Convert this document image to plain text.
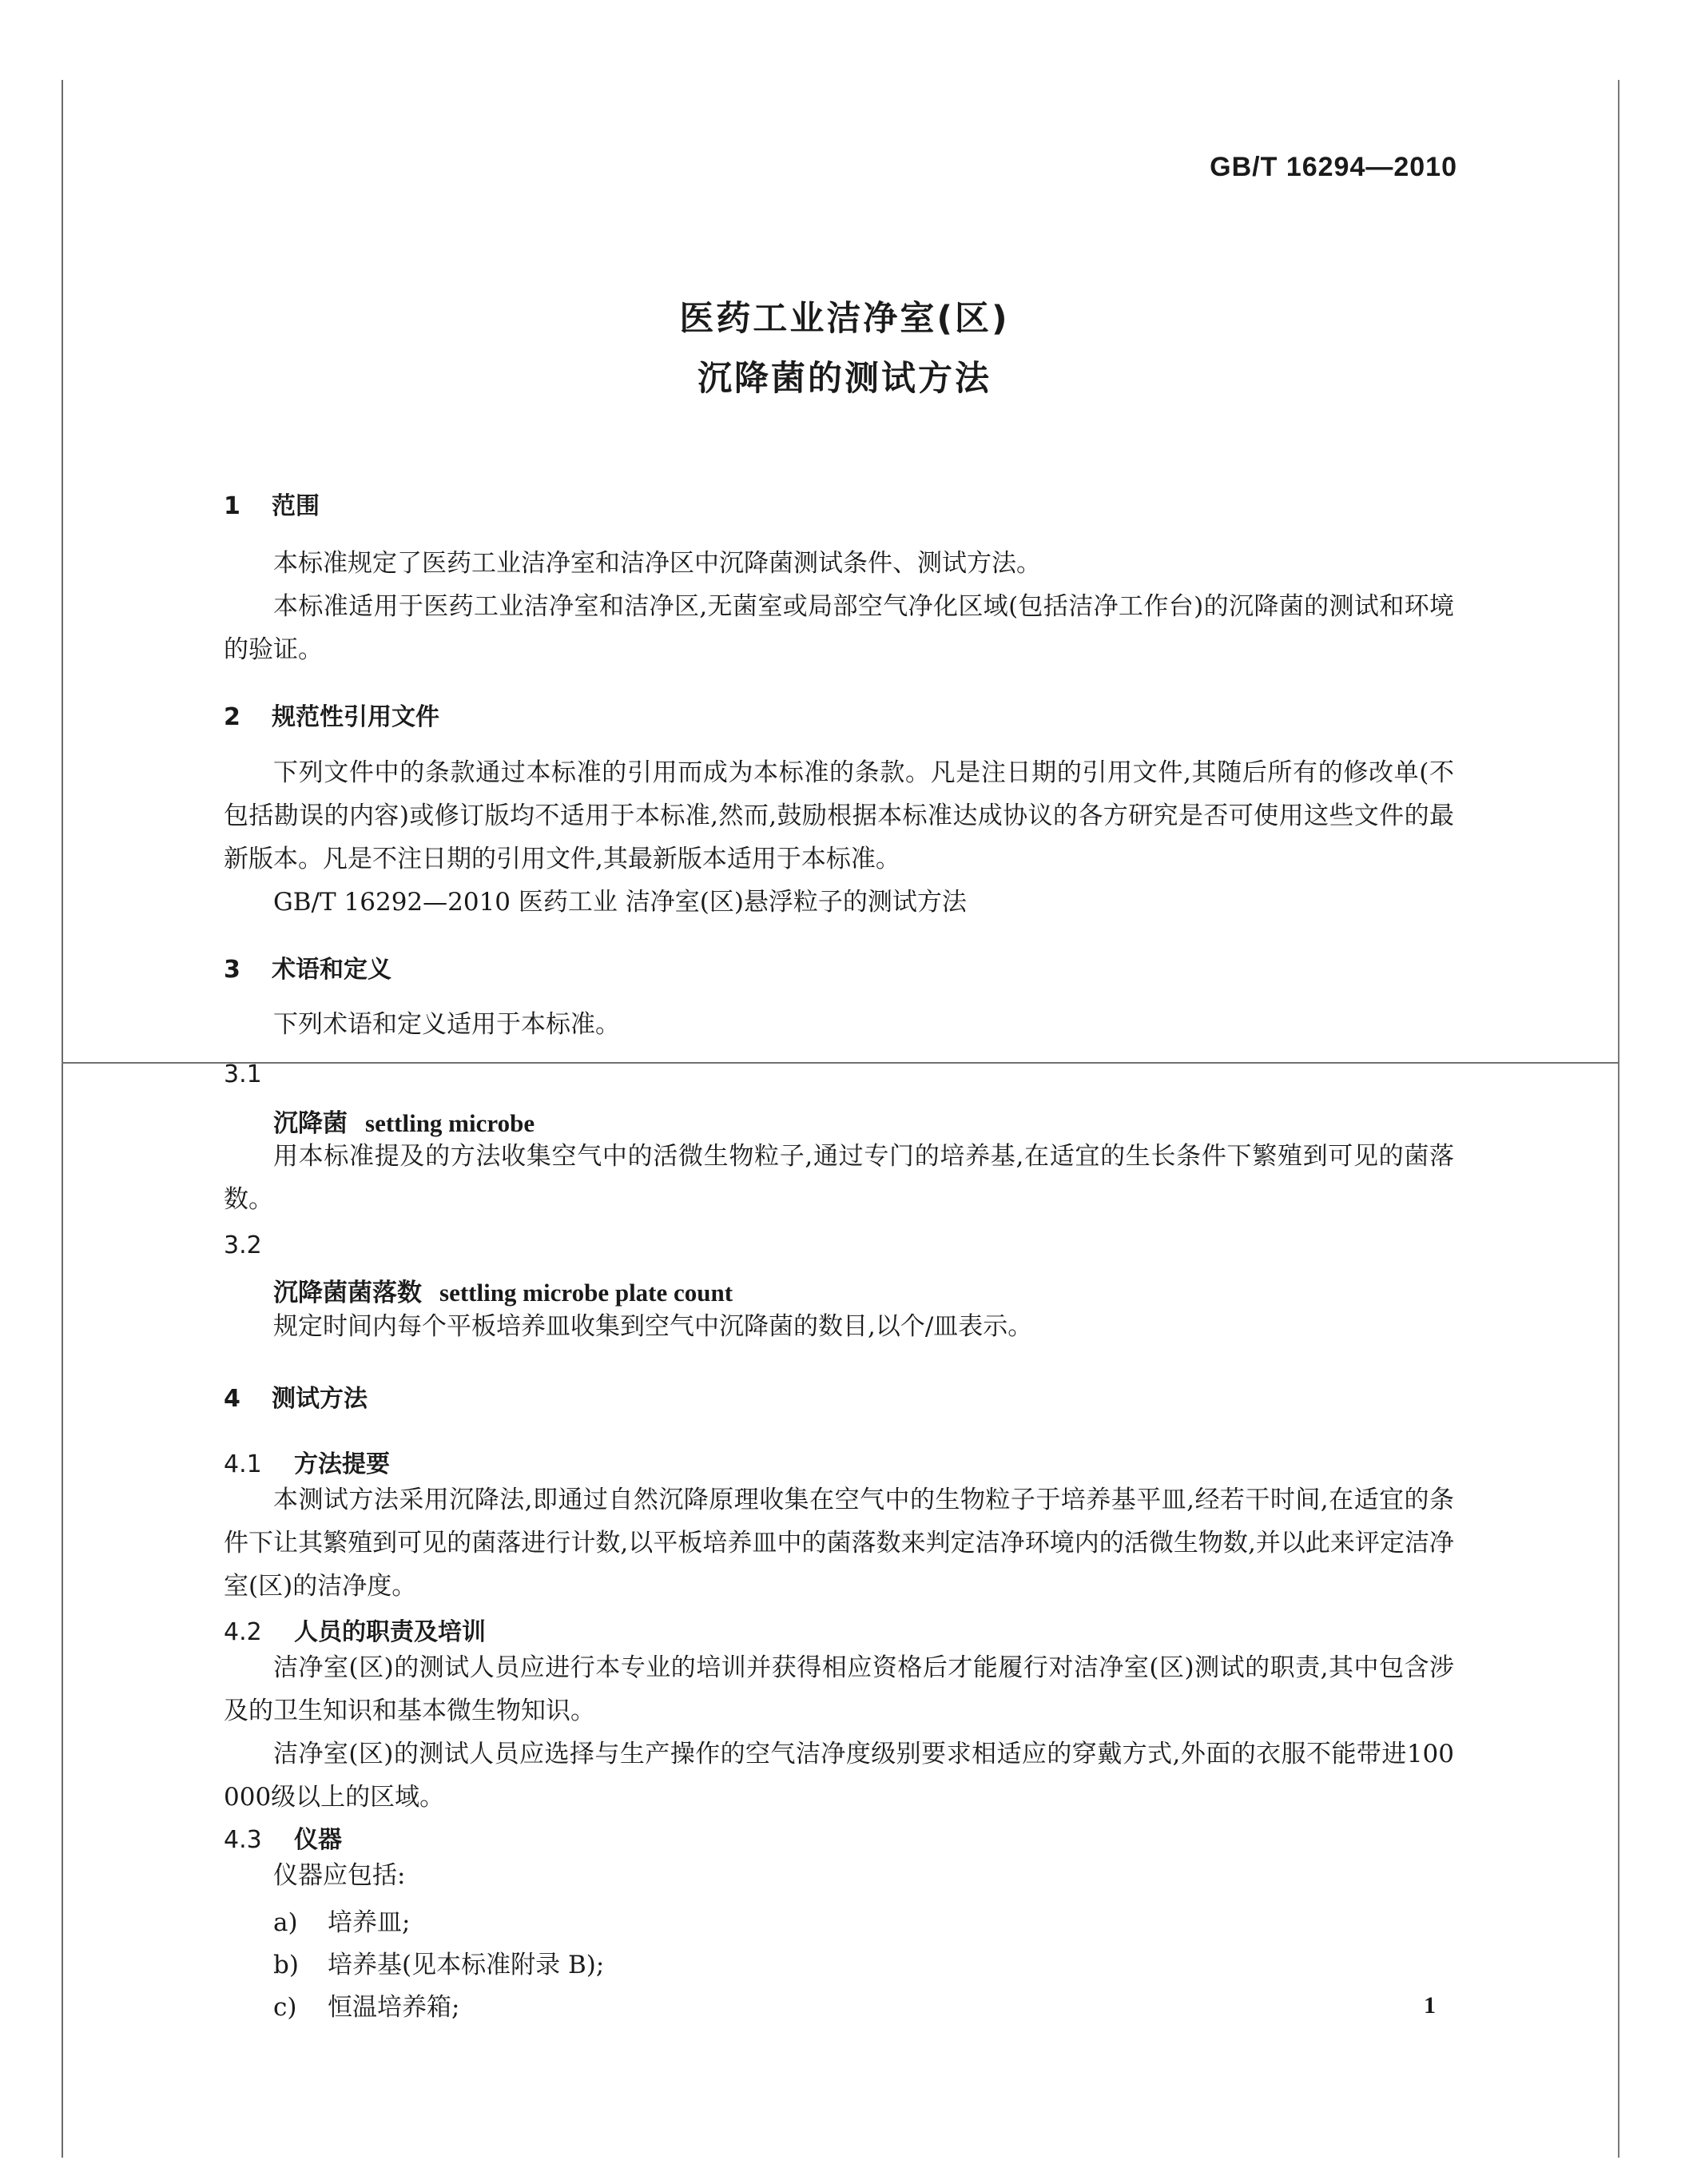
GB/T 16294—2010
医药工业洁净室(区)
沉降菌的测试方法
1 范围

本标准规定了医药工业洁净室和洁净区中沉降菌测试条件、测试方法。

本标准适用于医药工业洁净室和洁净区,无菌室或局部空气净化区域(包括洁净工作台)的沉降菌的测试和环境的验证。

2 规范性引用文件

下列文件中的条款通过本标准的引用而成为本标准的条款。凡是注日期的引用文件,其随后所有的修改单(不包括勘误的内容)或修订版均不适用于本标准,然而,鼓励根据本标准达成协议的各方研究是否可使用这些文件的最新版本。凡是不注日期的引用文件,其最新版本适用于本标准。

GB/T 16292—2010 医药工业 洁净室(区)悬浮粒子的测试方法

3 术语和定义

下列术语和定义适用于本标准。

3.1
沉降菌 settling microbe

用本标准提及的方法收集空气中的活微生物粒子,通过专门的培养基,在适宜的生长条件下繁殖到可见的菌落数。

3.2
沉降菌菌落数 settling microbe plate count

规定时间内每个平板培养皿收集到空气中沉降菌的数目,以个/皿表示。

4 测试方法
4.1 方法提要

本测试方法采用沉降法,即通过自然沉降原理收集在空气中的生物粒子于培养基平皿,经若干时间,在适宜的条件下让其繁殖到可见的菌落进行计数,以平板培养皿中的菌落数来判定洁净环境内的活微生物数,并以此来评定洁净室(区)的洁净度。

4.2 人员的职责及培训

洁净室(区)的测试人员应进行本专业的培训并获得相应资格后才能履行对洁净室(区)测试的职责,其中包含涉及的卫生知识和基本微生物知识。

洁净室(区)的测试人员应选择与生产操作的空气洁净度级别要求相适应的穿戴方式,外面的衣服不能带进100 000级以上的区域。

4.3 仪器

仪器应包括:

a) 培养皿;
b) 培养基(见本标准附录 B);
c) 恒温培养箱;	1
